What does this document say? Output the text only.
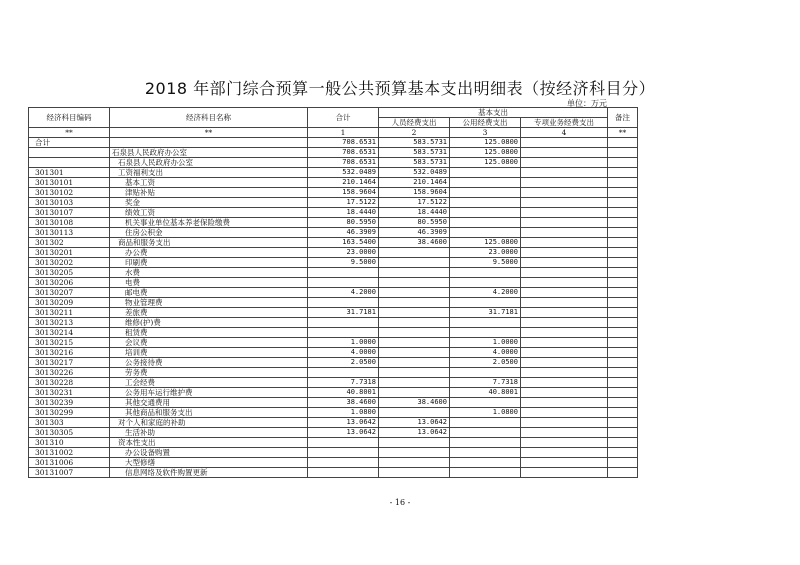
2018 年部门综合预算一般公共预算基本支出明细表（按经济科目分）
单位：万元
经济科目编码	经济科目名称	合计	基本支出			备注
			人员经费支出	公用经费支出	专项业务经费支出	
**	**	1	2	3	4	**
合计		708.6531	583.5731	125.0800		
	石泉县人民政府办公室	708.6531	583.5731	125.0800		
	石泉县人民政府办公室	708.6531	583.5731	125.0800		
301301	工资福利支出	532.0489	532.0489			
30130101	基本工资	210.1464	210.1464			
30130102	津贴补贴	158.9604	158.9604			
30130103	奖金	17.5122	17.5122			
30130107	绩效工资	18.4440	18.4440			
30130108	机关事业单位基本养老保险缴费	80.5950	80.5950			
30130113	住房公积金	46.3909	46.3909			
301302	商品和服务支出	163.5400	38.4600	125.0800		
30130201	办公费	23.0000		23.0000		
30130202	印刷费	9.5000		9.5000		
30130205	水费					
30130206	电费					
30130207	邮电费	4.2000		4.2000		
30130209	物业管理费					
30130211	差旅费	31.7181		31.7181		
30130213	维修(护)费					
30130214	租赁费					
30130215	会议费	1.0000		1.0000		
30130216	培训费	4.0000		4.0000		
30130217	公务接待费	2.0500		2.0500		
30130226	劳务费					
30130228	工会经费	7.7318		7.7318		
30130231	公务用车运行维护费	40.8001		40.8001		
30130239	其他交通费用	38.4600	38.4600			
30130299	其他商品和服务支出	1.0800		1.0800		
301303	对个人和家庭的补助	13.0642	13.0642			
30130305	生活补助	13.0642	13.0642			
301310	资本性支出					
30131002	办公设备购置					
30131006	大型修缮					
30131007	信息网络及软件购置更新					
- 16 -
